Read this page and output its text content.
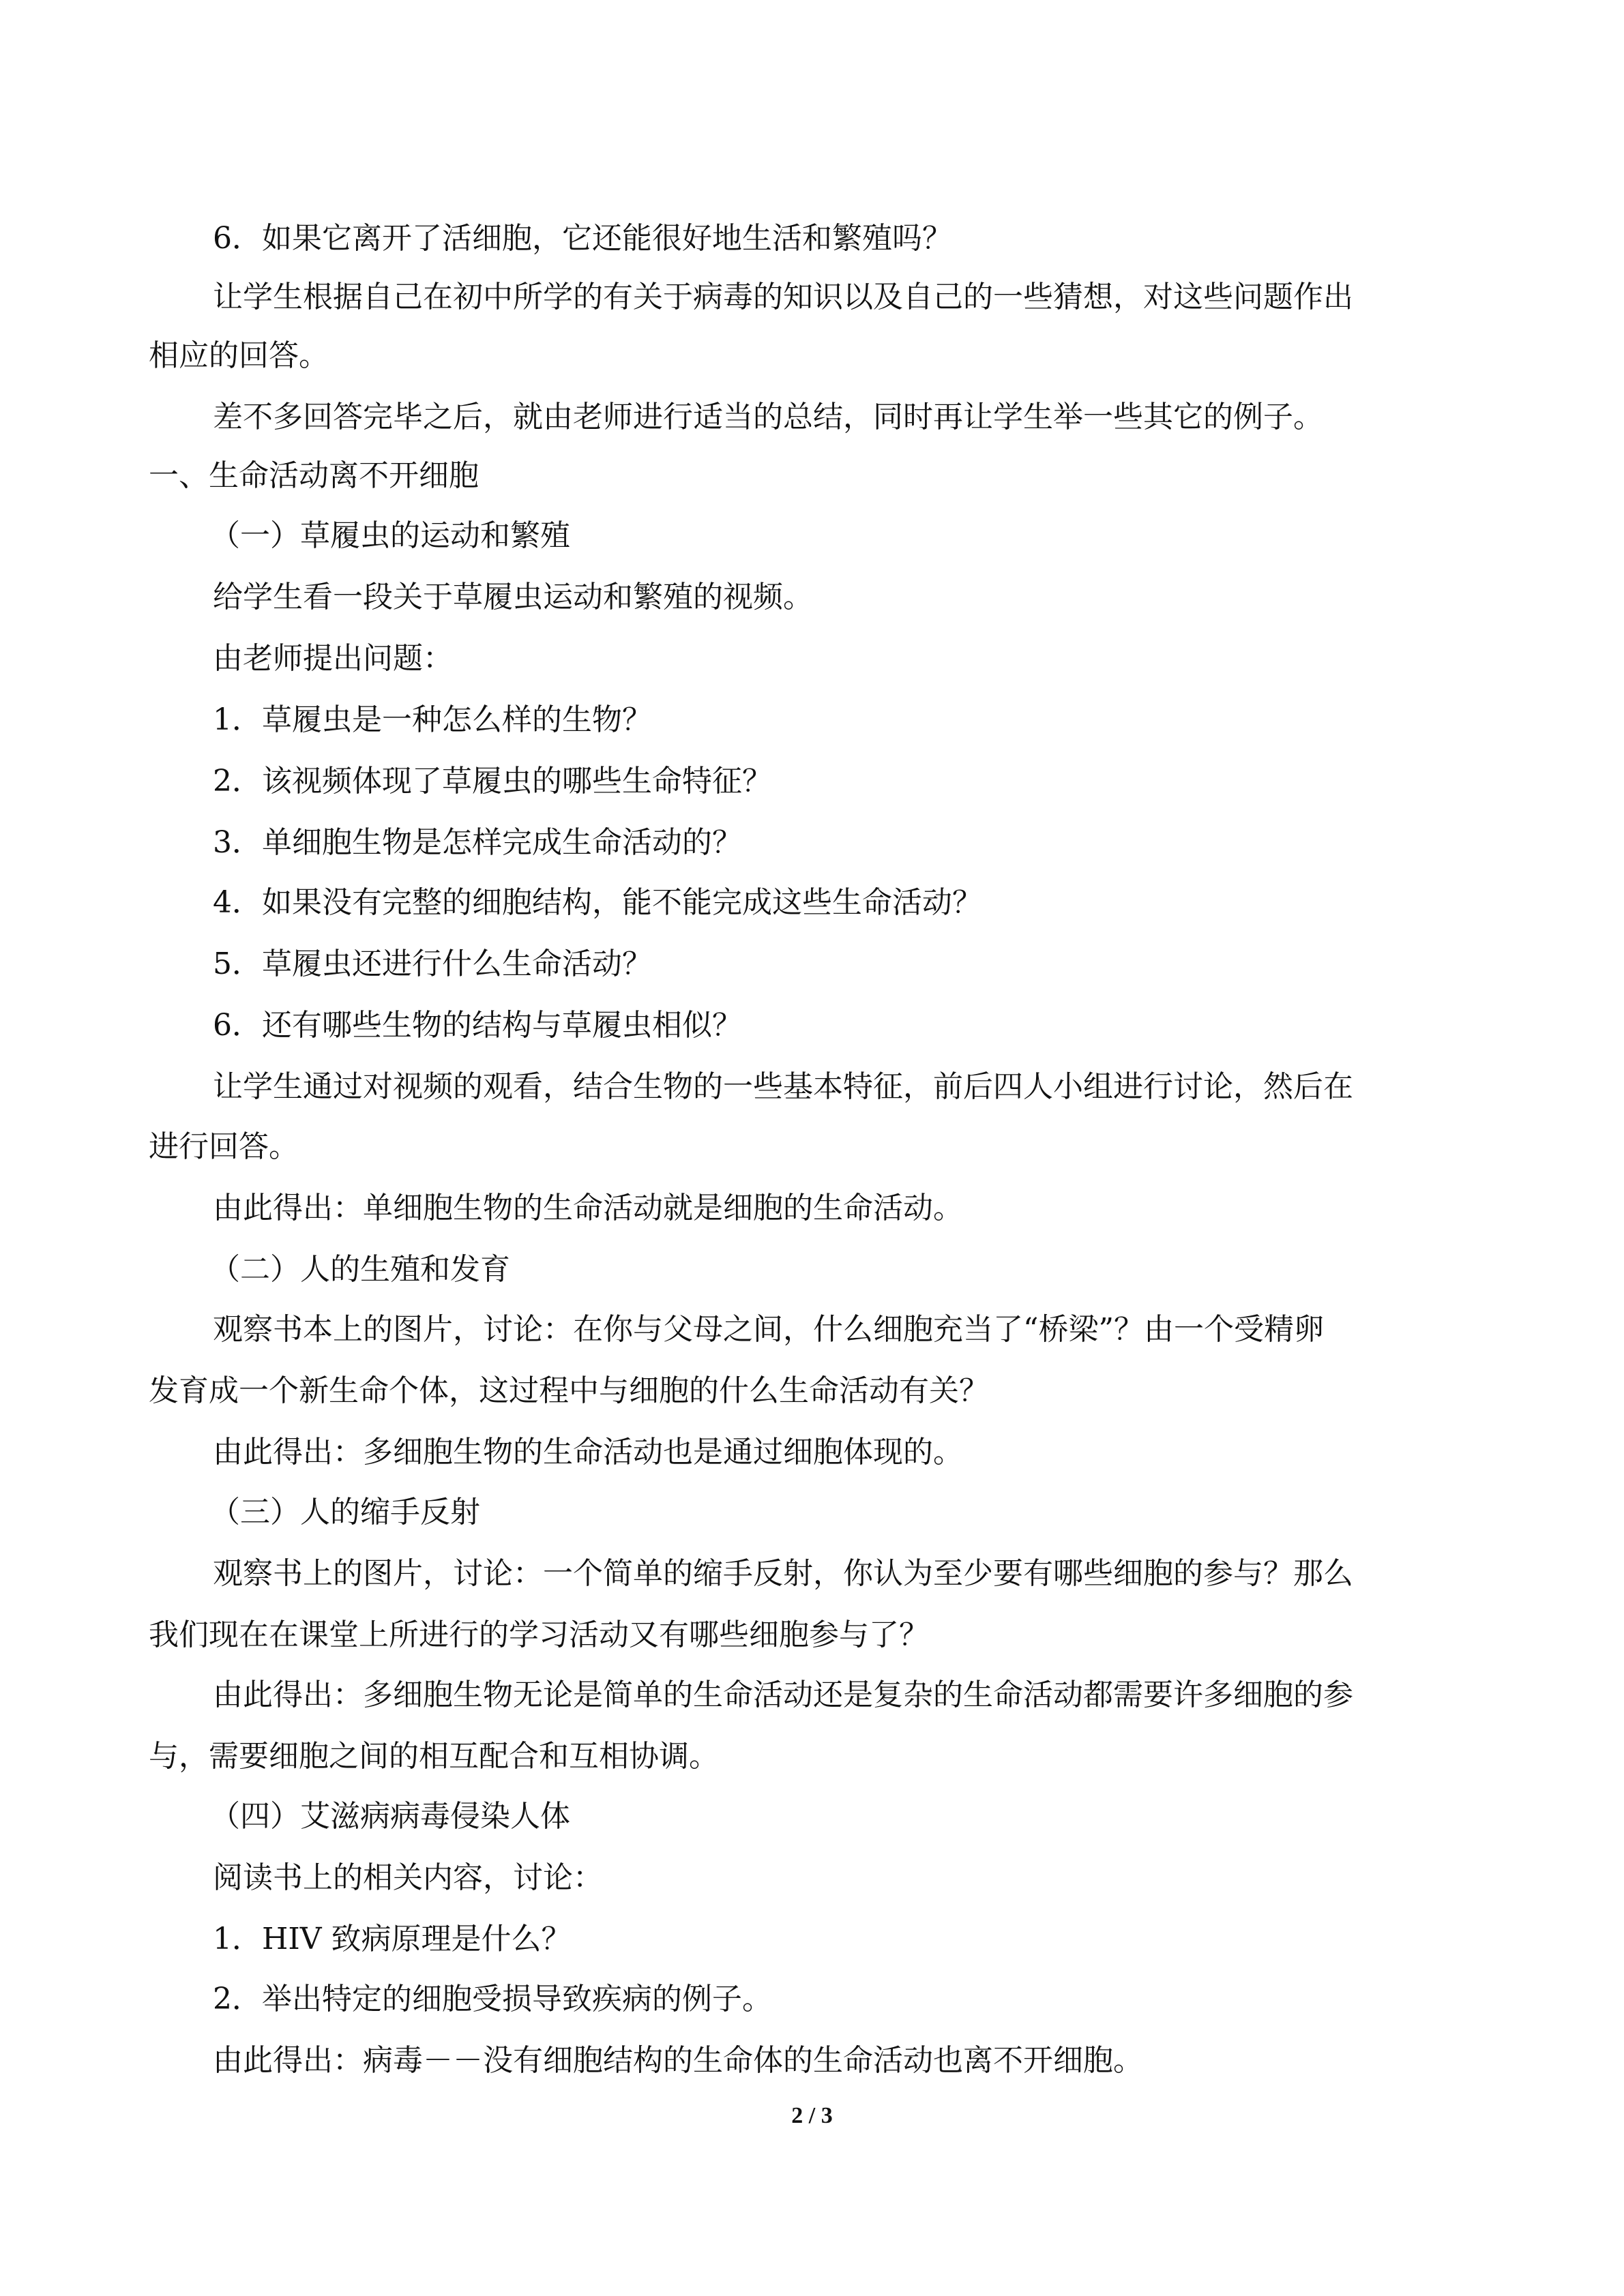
6．如果它离开了活细胞，它还能很好地生活和繁殖吗？
让学生根据自己在初中所学的有关于病毒的知识以及自己的一些猜想，对这些问题作出
相应的回答。
差不多回答完毕之后，就由老师进行适当的总结，同时再让学生举一些其它的例子。
一、生命活动离不开细胞
（一）草履虫的运动和繁殖
给学生看一段关于草履虫运动和繁殖的视频。
由老师提出问题：
1．草履虫是一种怎么样的生物？
2．该视频体现了草履虫的哪些生命特征？
3．单细胞生物是怎样完成生命活动的？
4．如果没有完整的细胞结构，能不能完成这些生命活动？
5．草履虫还进行什么生命活动？
6．还有哪些生物的结构与草履虫相似？
让学生通过对视频的观看，结合生物的一些基本特征，前后四人小组进行讨论，然后在
进行回答。
由此得出：单细胞生物的生命活动就是细胞的生命活动。
（二）人的生殖和发育
观察书本上的图片，讨论：在你与父母之间，什么细胞充当了“桥梁”？由一个受精卵
发育成一个新生命个体，这过程中与细胞的什么生命活动有关？
由此得出：多细胞生物的生命活动也是通过细胞体现的。
（三）人的缩手反射
观察书上的图片，讨论：一个简单的缩手反射，你认为至少要有哪些细胞的参与？那么
我们现在在课堂上所进行的学习活动又有哪些细胞参与了？
由此得出：多细胞生物无论是简单的生命活动还是复杂的生命活动都需要许多细胞的参
与，需要细胞之间的相互配合和互相协调。
（四）艾滋病病毒侵染人体
阅读书上的相关内容，讨论：
1．HIV 致病原理是什么？
2．举出特定的细胞受损导致疾病的例子。
由此得出：病毒－－没有细胞结构的生命体的生命活动也离不开细胞。
2 / 3
